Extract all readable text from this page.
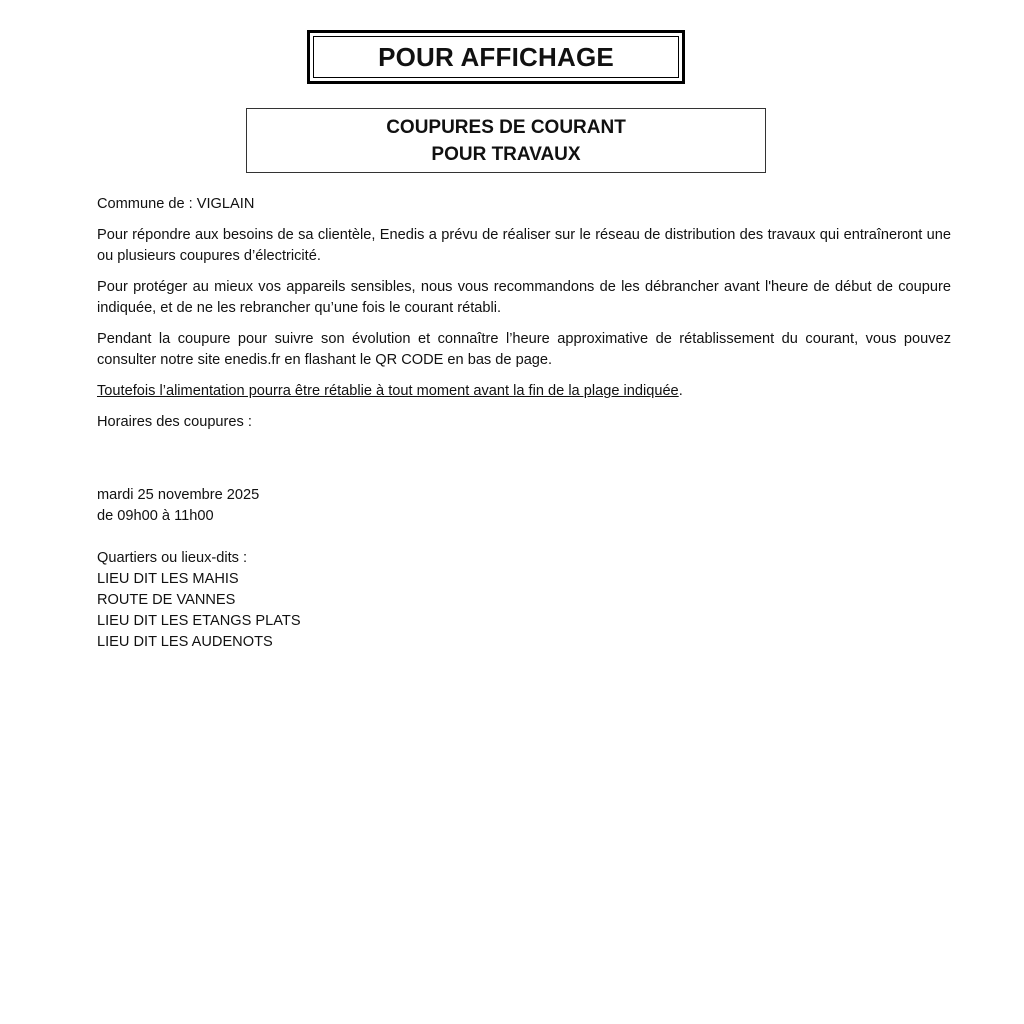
POUR AFFICHAGE
COUPURES DE COURANT
POUR TRAVAUX

Commune de : VIGLAIN

Pour répondre aux besoins de sa clientèle, Enedis a prévu de réaliser sur le réseau de distribution des travaux qui entraîneront une ou plusieurs coupures d’électricité.

Pour protéger au mieux vos appareils sensibles, nous vous recommandons de les débrancher avant l'heure de début de coupure indiquée, et de ne les rebrancher qu’une fois le courant rétabli.

Pendant la coupure pour suivre son évolution et connaître l’heure approximative de rétablissement du courant, vous pouvez consulter notre site enedis.fr en flashant le QR CODE en bas de page.

Toutefois l’alimentation pourra être rétablie à tout moment avant la fin de la plage indiquée.

Horaires des coupures :

mardi 25 novembre 2025
de 09h00 à 11h00
Quartiers ou lieux-dits :
LIEU DIT LES MAHIS
ROUTE DE VANNES
LIEU DIT LES ETANGS PLATS
LIEU DIT LES AUDENOTS
